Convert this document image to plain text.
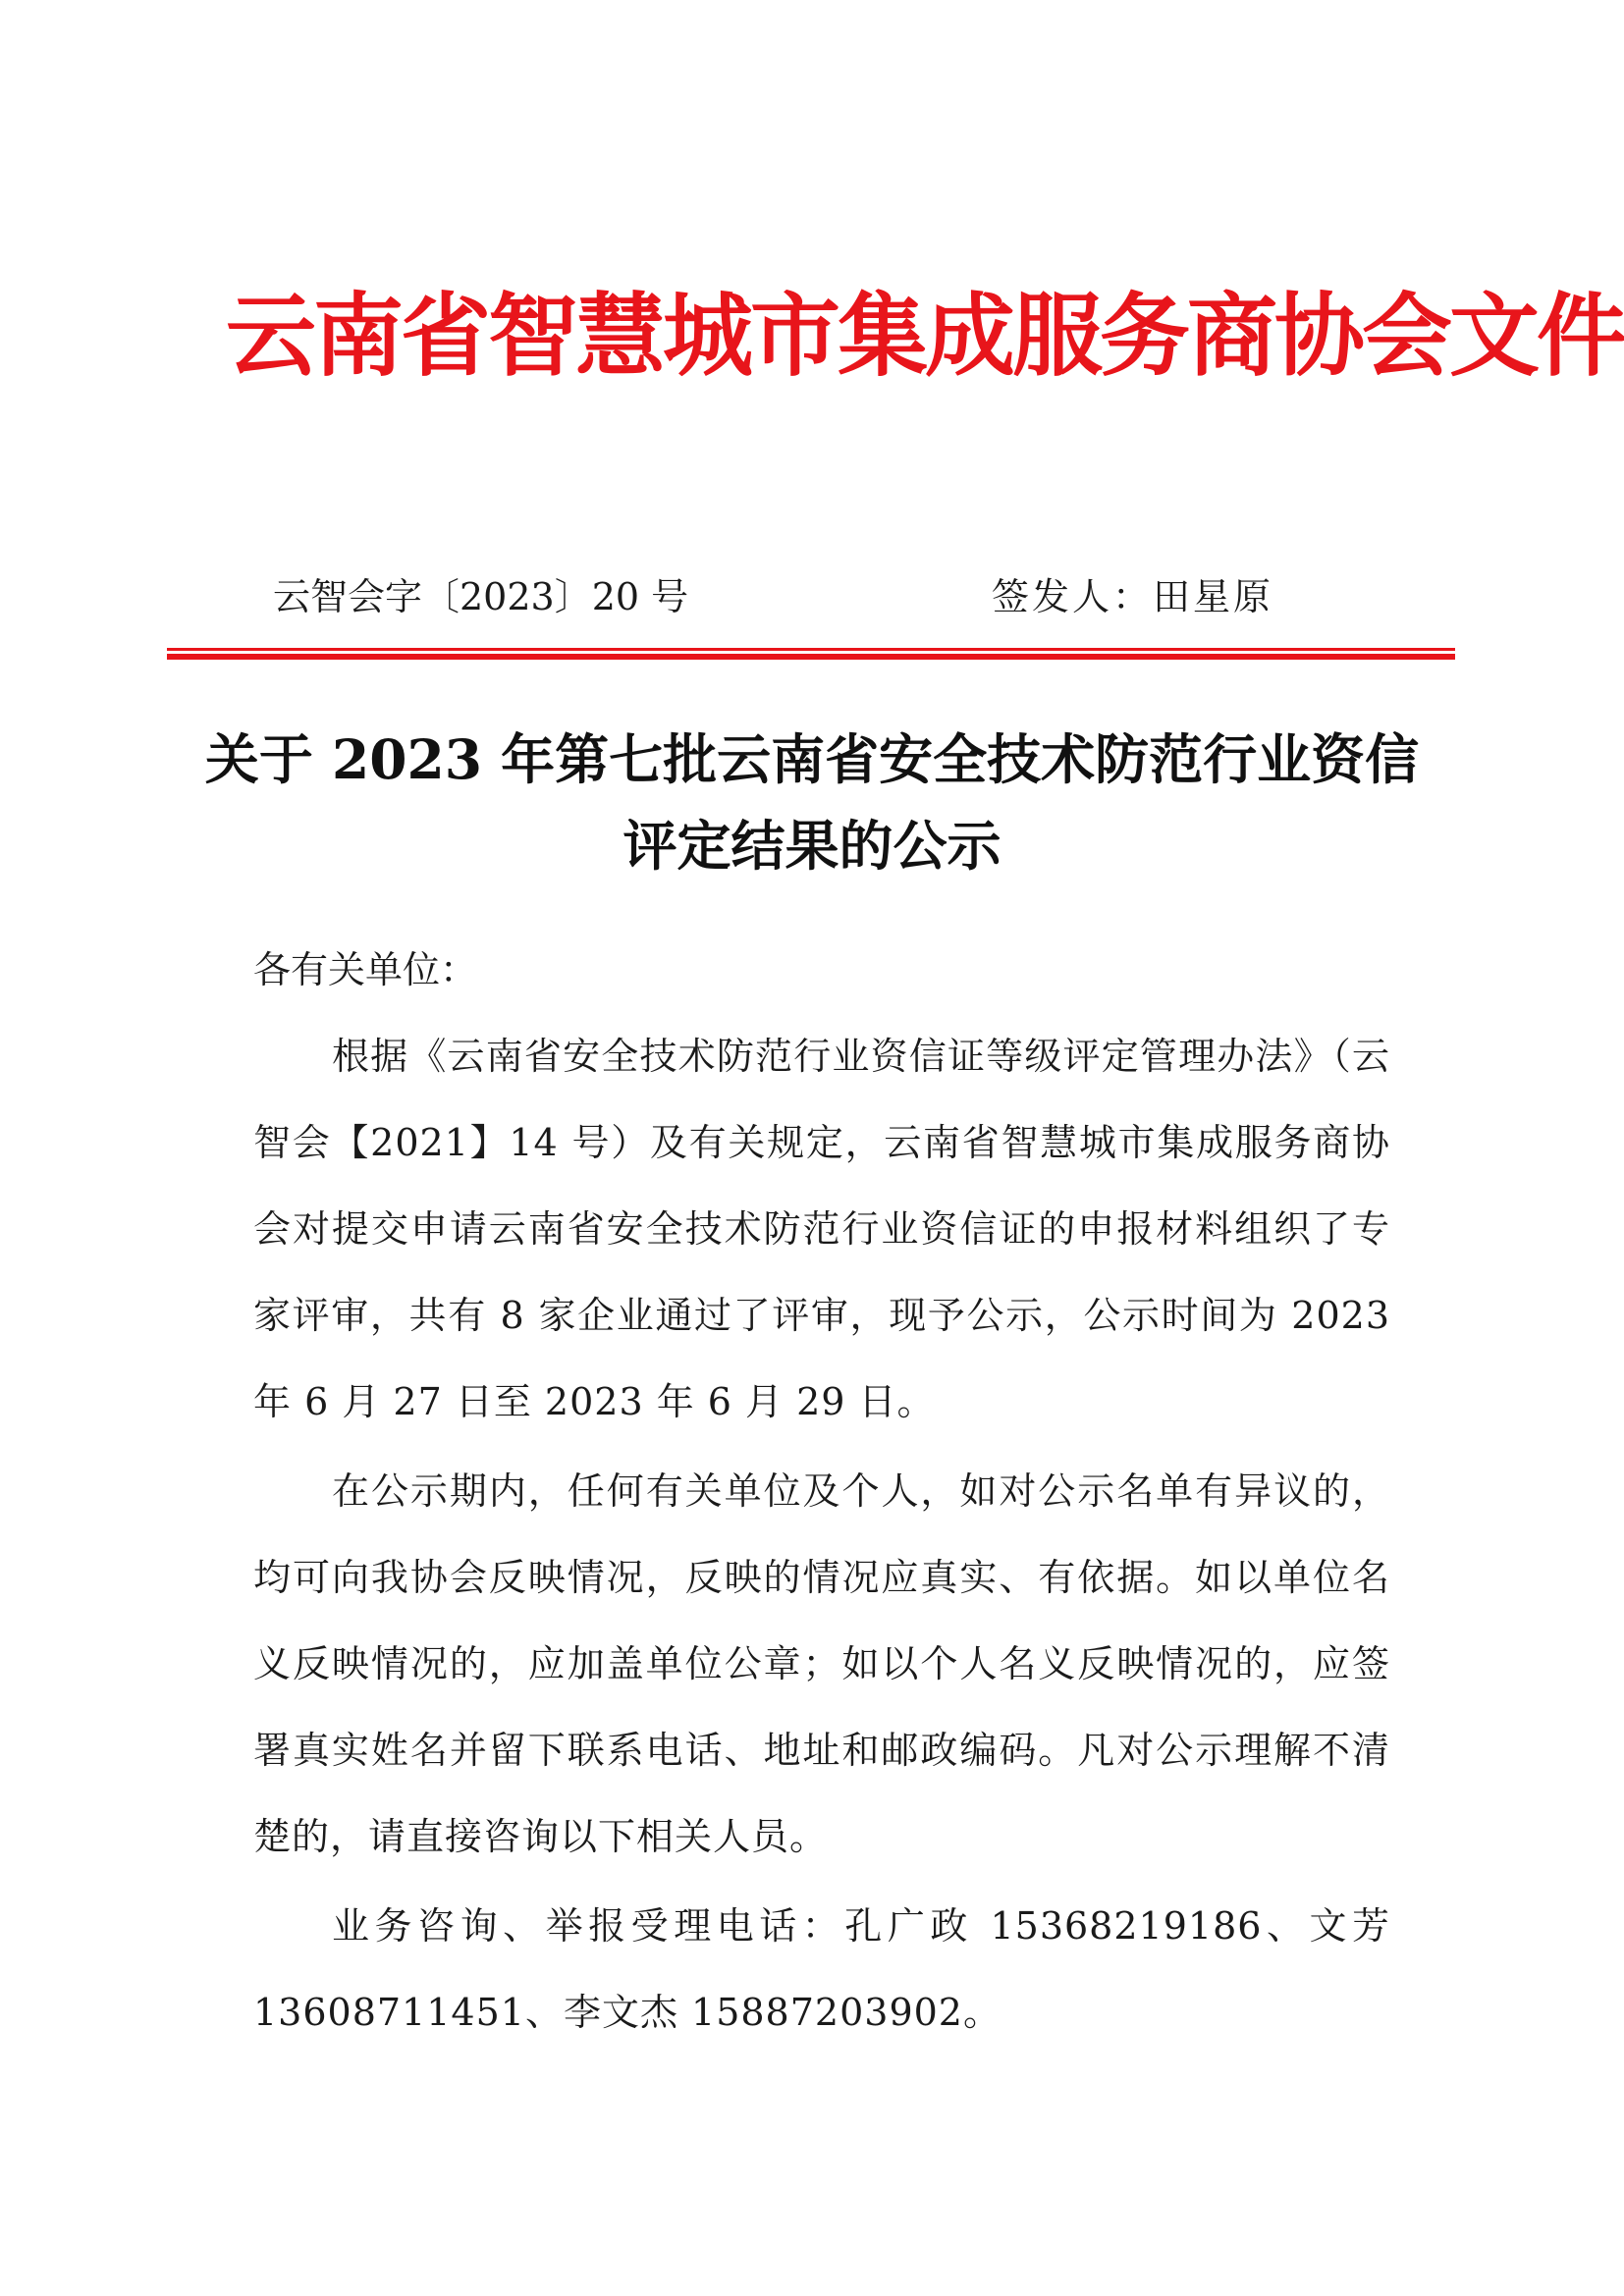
云南省智慧城市集成服务商协会文件
云智会字〔2023〕20 号	签发人：田星原
关于 2023 年第七批云南省安全技术防范行业资信评定结果的公示
各有关单位：

根据《云南省安全技术防范行业资信证等级评定管理办法》（云智会【2021】14 号）及有关规定，云南省智慧城市集成服务商协会对提交申请云南省安全技术防范行业资信证的申报材料组织了专家评审，共有 8 家企业通过了评审，现予公示，公示时间为 2023 年 6 月 27 日至 2023 年 6 月 29 日。

在公示期内，任何有关单位及个人，如对公示名单有异议的，均可向我协会反映情况，反映的情况应真实、有依据。如以单位名义反映情况的，应加盖单位公章；如以个人名义反映情况的，应签署真实姓名并留下联系电话、地址和邮政编码。凡对公示理解不清楚的，请直接咨询以下相关人员。

业务咨询、举报受理电话：孔广政 15368219186、文芳 13608711451、李文杰 15887203902。
